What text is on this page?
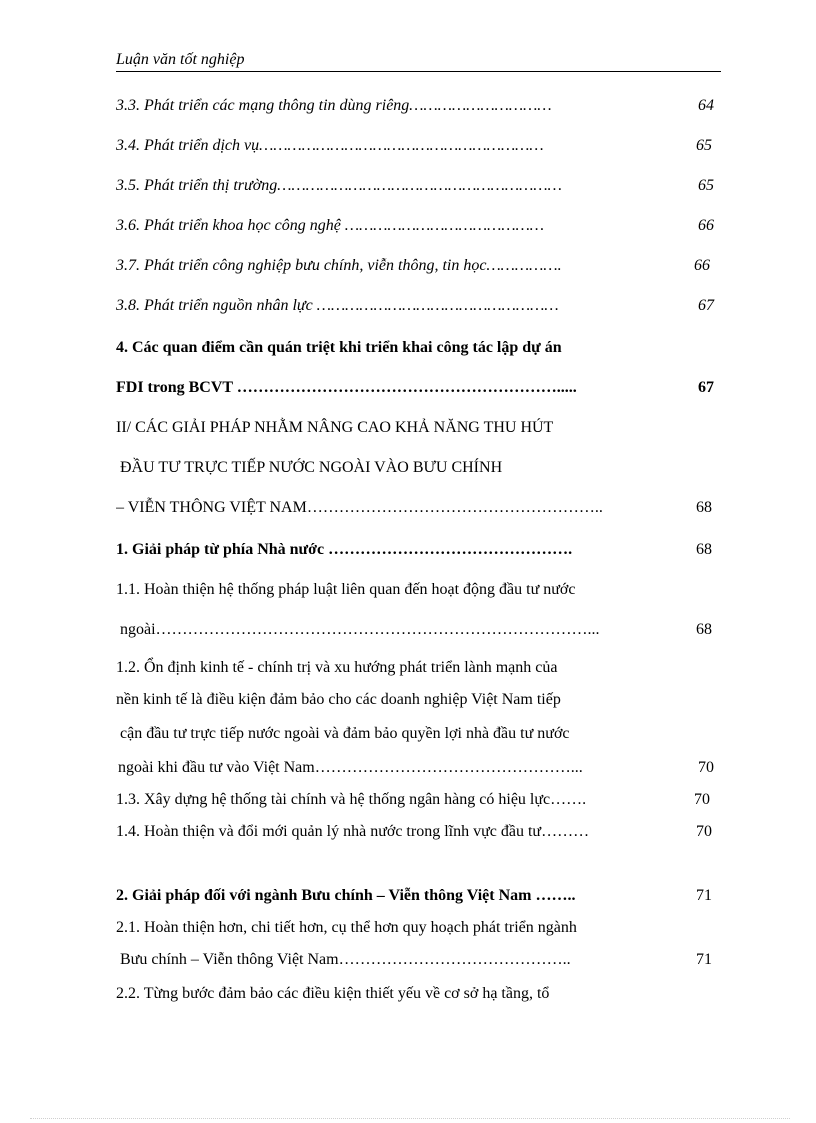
Luận văn tốt nghiệp
3.3. Phát triển các mạng thông tin dùng riêng…………………………	64
3.4. Phát triển dịch vụ……………………………………………………	65
3.5. Phát triển thị trường……………………………………………………	65
3.6. Phát triển khoa học công nghệ ……………………………………	66
3.7. Phát triển công nghiệp bưu chính, viễn thông, tin học…………….	66
3.8. Phát triển nguồn nhân lực ……………………………………………	67
4. Các quan điểm cần quán triệt khi triển khai công tác lập dự án
FDI trong BCVT …………………………………………………….....	67
II/ CÁC GIẢI PHÁP NHẰM NÂNG CAO KHẢ NĂNG THU HÚT
ĐẦU TƯ TRỰC TIẾP NƯỚC NGOÀI VÀO BƯU CHÍNH
– VIỄN THÔNG VIỆT NAM………………………………………………..	68
1. Giải pháp từ phía Nhà nước ……………………………………….	68
1.1. Hoàn thiện hệ thống pháp luật liên quan đến hoạt động đầu tư nước
ngoài………………………………………………………………………...	68
1.2. Ổn định kinh tế - chính trị và xu hướng phát triển lành mạnh của
nền kinh tế là điều kiện đảm bảo cho các doanh nghiệp Việt Nam tiếp
cận đầu tư trực tiếp nước ngoài và đảm bảo quyền lợi nhà đầu tư nước
ngoài khi đầu tư vào Việt Nam…………………………………………...	70
1.3. Xây dựng hệ thống tài chính và hệ thống ngân hàng có hiệu lực…….	70
1.4. Hoàn thiện và đổi mới quản lý nhà nước trong lĩnh vực đầu tư………	70
2. Giải pháp đối với ngành Bưu chính – Viễn thông Việt Nam ……..	71
2.1. Hoàn thiện hơn, chi tiết hơn, cụ thể hơn quy hoạch phát triển ngành
Bưu chính – Viễn thông Việt Nam……………………………………..	71
2.2. Từng bước đảm bảo các điều kiện thiết yếu về cơ sở hạ tầng, tổ
